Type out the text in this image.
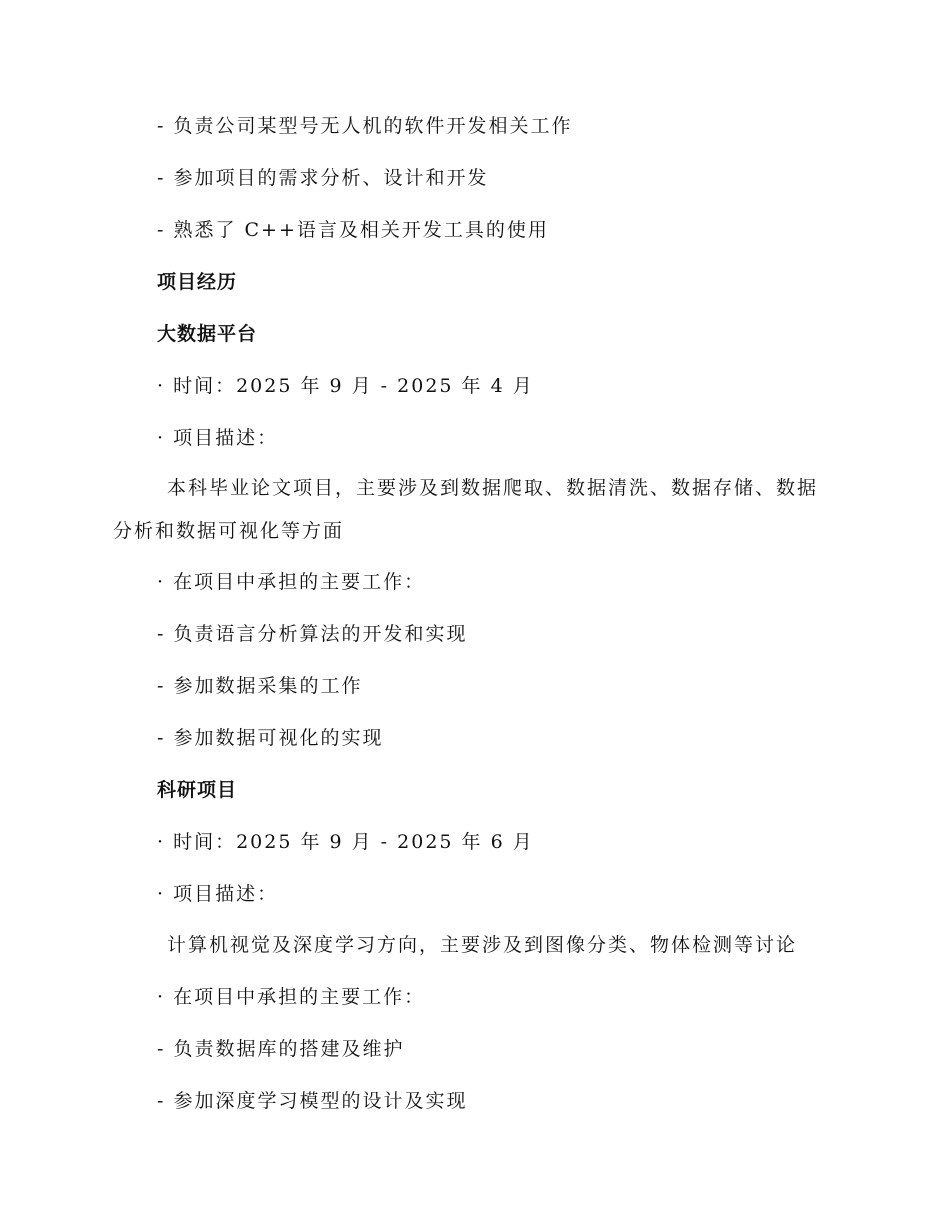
- 负责公司某型号无人机的软件开发相关工作
- 参加项目的需求分析、设计和开发
- 熟悉了 C++语言及相关开发工具的使用
项目经历
大数据平台
· 时间：2025 年 9 月 - 2025 年 4 月
· 项目描述：
本科毕业论文项目，主要涉及到数据爬取、数据清洗、数据存储、数据分析和数据可视化等方面
· 在项目中承担的主要工作：
- 负责语言分析算法的开发和实现
- 参加数据采集的工作
- 参加数据可视化的实现
科研项目
· 时间：2025 年 9 月 - 2025 年 6 月
· 项目描述：
计算机视觉及深度学习方向，主要涉及到图像分类、物体检测等讨论
· 在项目中承担的主要工作：
- 负责数据库的搭建及维护
- 参加深度学习模型的设计及实现
